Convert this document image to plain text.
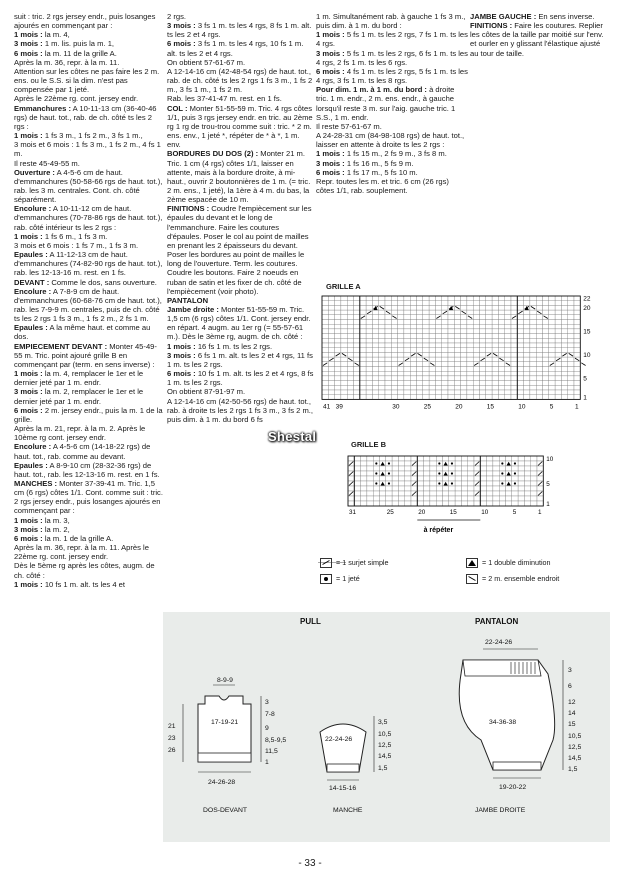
suit : tric. 2 rgs jersey endr., puis losanges ajourés en commençant par :

1 mois : la m. 4,

3 mois : 1 m. lis. puis la m. 1,

6 mois : la m. 11 de la grille A.

Après la m. 36, repr. à la m. 11.

Attention sur les côtes ne pas faire les 2 m. ens. ou le S.S. si la dim. n'est pas compensée par 1 jeté.

Après le 22ème rg. cont. jersey endr.

Emmanchures : A 10-11-13 cm (36-40-46 rgs) de haut. tot., rab. de ch. côté ts les 2 rgs :

1 mois : 1 fs 3 m., 1 fs 2 m., 3 fs 1 m.,

3 mois et 6 mois : 1 fs 3 m., 1 fs 2 m., 4 fs 1 m.

Il reste 45-49-55 m.

Ouverture : A 4-5-6 cm de haut. d'emmanchures (50-58-66 rgs de haut. tot.), rab. les 3 m. centrales. Cont. ch. côté séparément.

Encolure : A 10-11-12 cm de haut. d'emmanchures (70-78-86 rgs de haut. tot.), rab. côté intérieur ts les 2 rgs :

1 mois : 1 fs 6 m., 1 fs 3 m.

3 mois et 6 mois : 1 fs 7 m., 1 fs 3 m.

Epaules : A 11-12-13 cm de haut. d'emmanchures (74-82-90 rgs de haut. tot.), rab. les 12-13-16 m. rest. en 1 fs.

DEVANT : Comme le dos, sans ouverture.

Encolure : A 7-8-9 cm de haut. d'emmanchures (60-68-76 cm de haut. tot.), rab. les 7-9-9 m. centrales, puis de ch. côté ts les 2 rgs 1 fs 3 m., 1 fs 2 m., 2 fs 1 m.

Epaules : A la même haut. et comme au dos.

EMPIECEMENT DEVANT : Monter 45-49-55 m. Tric. point ajouré grille B en commençant par (term. en sens inverse) :

1 mois : la m. 4, remplacer le 1er et le dernier jeté par 1 m. endr.

3 mois : la m. 2, remplacer le 1er et le dernier jeté par 1 m. endr.

6 mois : 2 m. jersey endr., puis la m. 1 de la grille.

Après la m. 21, repr. à la m. 2. Après le 10ème rg cont. jersey endr.

Encolure : A 4-5-6 cm (14-18-22 rgs) de haut. tot., rab. comme au devant.

Epaules : A 8-9-10 cm (28-32-36 rgs) de haut. tot., rab. les 12-13-16 m. rest. en 1 fs.

MANCHES : Monter 37-39-41 m. Tric. 1,5 cm (6 rgs) côtes 1/1. Cont. comme suit : tric. 2 rgs jersey endr., puis losanges ajourés en commençant par :

1 mois : la m. 3,

3 mois : la m. 2,

6 mois : la m. 1 de la grille A.

Après la m. 36, repr. à la m. 11. Après le 22ème rg. cont. jersey endr.

Dès le 5ème rg après les côtes, augm. de ch. côté :

1 mois : 10 fs 1 m. alt. ts les 4 et

2 rgs.

3 mois : 3 fs 1 m. ts les 4 rgs, 8 fs 1 m. alt. ts les 2 et 4 rgs.

6 mois : 3 fs 1 m. ts les 4 rgs, 10 fs 1 m. alt. ts les 2 et 4 rgs.

On obtient 57-61-67 m.

A 12-14-16 cm (42-48-54 rgs) de haut. tot., rab. de ch. côté ts les 2 rgs 1 fs 3 m., 1 fs 2 m., 3 fs 1 m., 1 fs 2 m.

Rab. les 37-41-47 m. rest. en 1 fs.

COL : Monter 51-55-59 m. Tric. 4 rgs côtes 1/1, puis 3 rgs jersey endr. en tric. au 2ème rg 1 rg de trou-trou comme suit : tric. * 2 m. ens. env., 1 jeté *, répéter de * à *, 1 m. env.

BORDURES DU DOS (2) : Monter 21 m. Tric. 1 cm (4 rgs) côtes 1/1, laisser en attente, mais à la bordure droite, à mi-haut., ouvrir 2 boutonnières de 1 m. (= tric. 2 m. ens., 1 jeté), la 1ère à 4 m. du bas, la 2ème espacée de 10 m.

FINITIONS : Coudre l'empiècement sur les épaules du devant et le long de l'emmanchure. Faire les coutures d'épaules. Poser le col au point de mailles en prenant les 2 épaisseurs du devant. Poser les bordures au point de mailles le long de l'ouverture. Term. les coutures. Coudre les boutons. Faire 2 noeuds en ruban de satin et les fixer de ch. côté de l'empiècement (voir photo).

PANTALON

Jambe droite : Monter 51-55-59 m. Tric. 1,5 cm (6 rgs) côtes 1/1. Cont. jersey endr. en répart. 4 augm. au 1er rg (= 55-57-61 m.). Dès le 3ème rg, augm. de ch. côté :

1 mois : 16 fs 1 m. ts les 2 rgs.

3 mois : 6 fs 1 m. alt. ts les 2 et 4 rgs, 11 fs 1 m. ts les 2 rgs.

6 mois : 10 fs 1 m. alt. ts les 2 et 4 rgs, 8 fs 1 m. ts les 2 rgs.

On obtient 87-91-97 m.

A 12-14-16 cm (42-50-56 rgs) de haut. tot., rab. à droite ts les 2 rgs 1 fs 3 m., 3 fs 2 m., puis dim. à 1 m. du bord 6 fs

1 m. Simultanément rab. à gauche 1 fs 3 m., puis dim. à 1 m. du bord :

1 mois : 5 fs 1 m. ts les 2 rgs, 7 fs 1 m. ts les 4 rgs.

3 mois : 5 fs 1 m. ts les 2 rgs, 6 fs 1 m. ts les 4 rgs, 2 fs 1 m. ts les 6 rgs.

6 mois : 4 fs 1 m. ts les 2 rgs, 5 fs 1 m. ts les 4 rgs, 3 fs 1 m. ts les 8 rgs.

Pour dim. 1 m. à 1 m. du bord : à droite tric. 1 m. endr., 2 m. ens. endr., à gauche lorsqu'il reste 3 m. sur l'aig. gauche tric. 1 S.S., 1 m. endr.

Il reste 57-61-67 m.

A 24-28-31 cm (84-98-108 rgs) de haut. tot., laisser en attente à droite ts les 2 rgs :

1 mois : 1 fs 15 m., 2 fs 9 m., 3 fs 8 m.

3 mois : 1 fs 16 m., 5 fs 9 m.

6 mois : 1 fs 17 m., 5 fs 10 m.

Repr. toutes les m. et tric. 6 cm (26 rgs) côtes 1/1, rab. souplement.

JAMBE GAUCHE : En sens inverse.

FINITIONS : Faire les coutures. Replier les côtes de la taille par moitié sur l'env. et ourler en y glissant l'élastique ajusté au tour de taille.

GRILLE A
41 39	30	25	20	15	10	5	1
22
20
15
10
5
1
GRILLE B
31	25	20	15	10	5	1
10
5
1
à répéter
Shestal
= 1 surjet simple
= 1 jeté
= 1 double diminution
= 2 m. ensemble endroit
PULL	PANTALON
8-9-9
17-19-21
24-26-28
21
23
26
3
7-8
9
8,5-9,5
11,5
1
DOS-DEVANT
22-24-26
14-15-16
3,5
10,5
12,5
14,5
1,5
MANCHE
22-24-26
34-36-38
19-20-22
3
6
12
14
15
10,5
12,5
14,5
1,5
JAMBE DROITE
- 33 -
